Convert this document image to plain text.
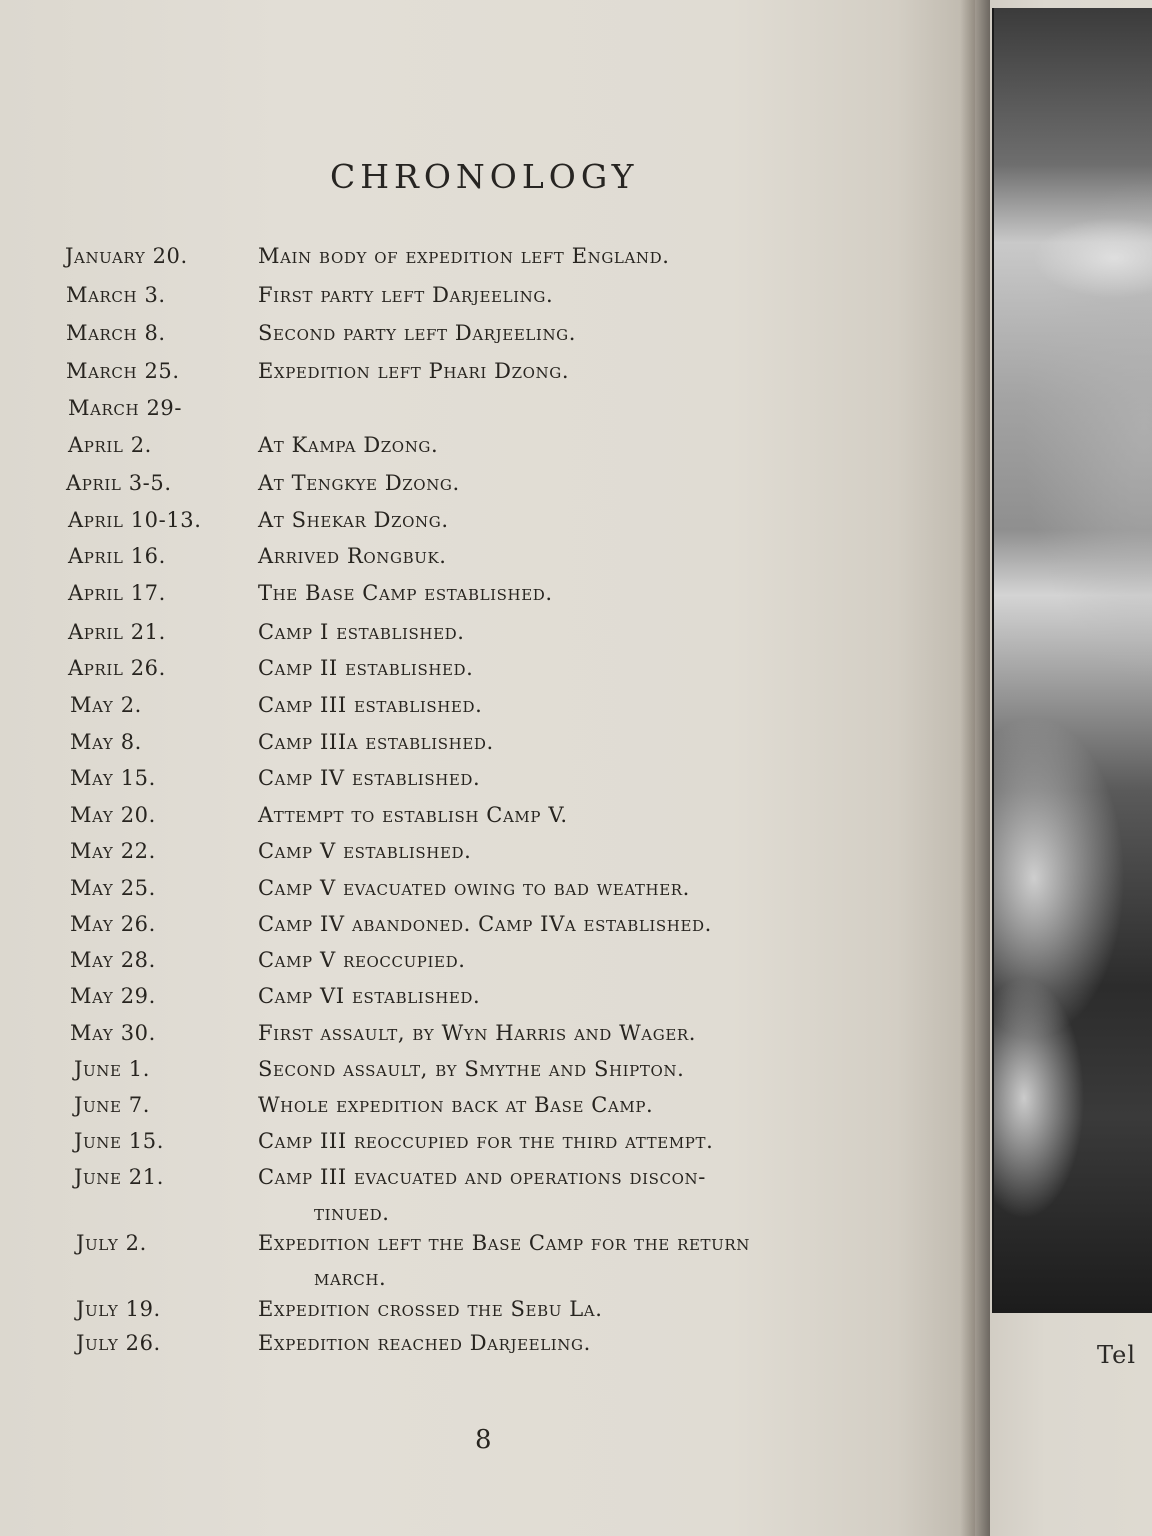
CHRONOLOGY
January 20.	Main body of expedition left England.
March 3.	First party left Darjeeling.
March 8.	Second party left Darjeeling.
March 25.	Expedition left Phari Dzong.
March 29-
April 2.	At Kampa Dzong.
April 3-5.	At Tengkye Dzong.
April 10-13.	At Shekar Dzong.
April 16.	Arrived Rongbuk.
April 17.	The Base Camp established.
April 21.	Camp I established.
April 26.	Camp II established.
May 2.	Camp III established.
May 8.	Camp IIIa established.
May 15.	Camp IV established.
May 20.	Attempt to establish Camp V.
May 22.	Camp V established.
May 25.	Camp V evacuated owing to bad weather.
May 26.	Camp IV abandoned. Camp IVa established.
May 28.	Camp V reoccupied.
May 29.	Camp VI established.
May 30.	First assault, by Wyn Harris and Wager.
June 1.	Second assault, by Smythe and Shipton.
June 7.	Whole expedition back at Base Camp.
June 15.	Camp III reoccupied for the third attempt.
June 21.	Camp III evacuated and operations discon-
tinued.
July 2.	Expedition left the Base Camp for the return
march.
July 19.	Expedition crossed the Sebu La.
July 26.	Expedition reached Darjeeling.
8
Tel
